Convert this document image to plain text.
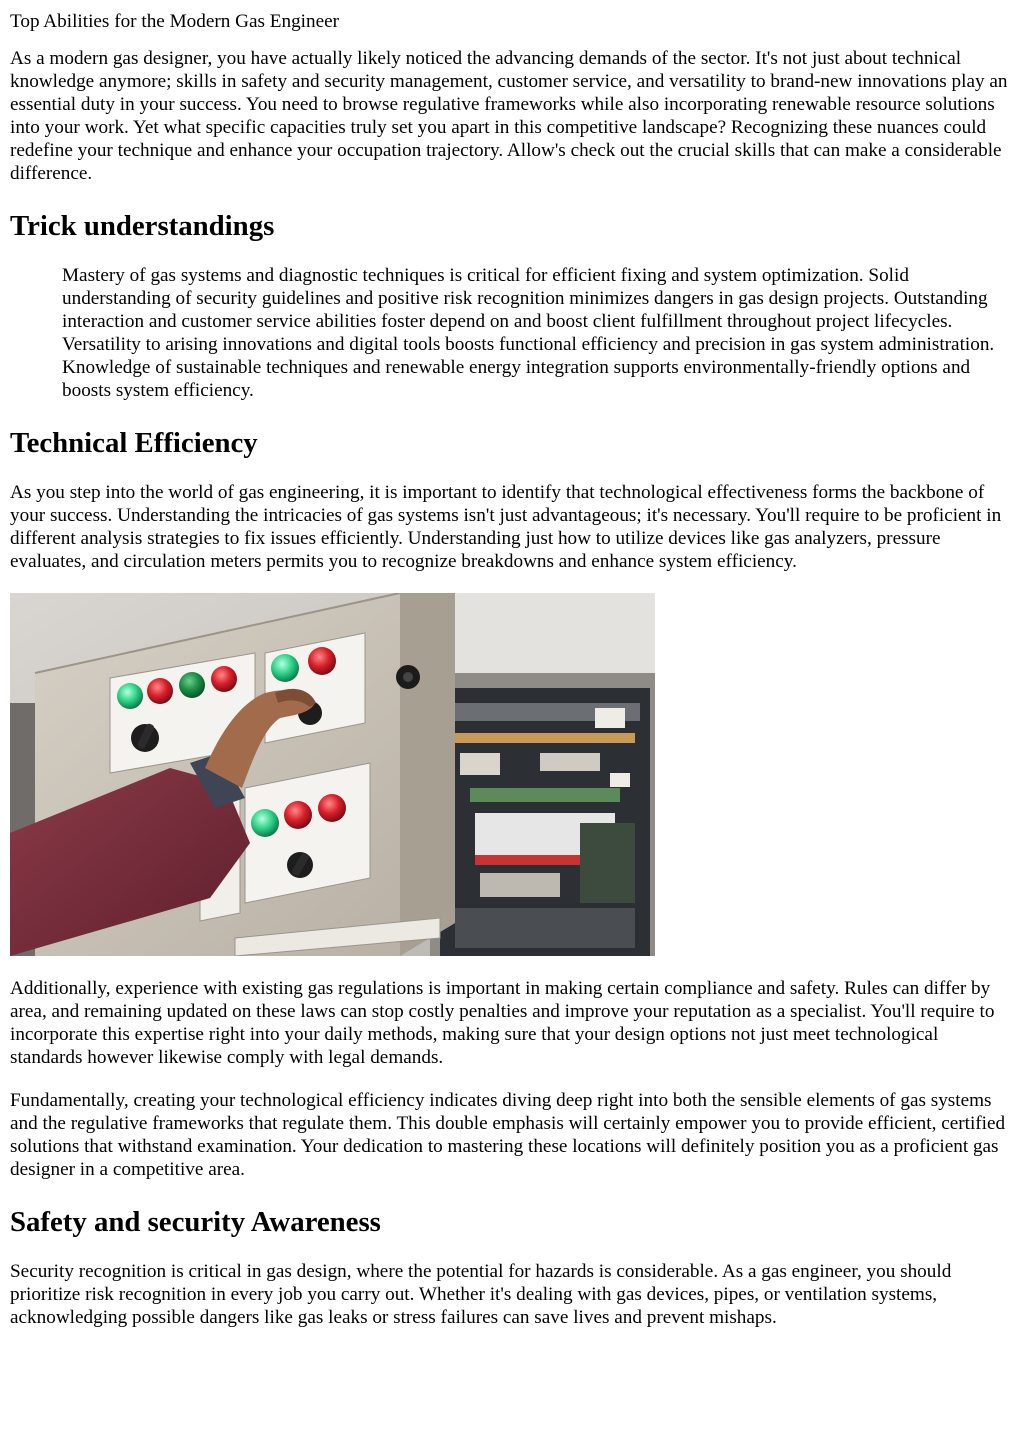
Top Abilities for the Modern Gas Engineer

As a modern gas designer, you have actually likely noticed the advancing demands of the sector. It's not just about technical knowledge anymore; skills in safety and security management, customer service, and versatility to brand-new innovations play an essential duty in your success. You need to browse regulative frameworks while also incorporating renewable resource solutions into your work. Yet what specific capacities truly set you apart in this competitive landscape? Recognizing these nuances could redefine your technique and enhance your occupation trajectory. Allow's check out the crucial skills that can make a considerable difference.

Trick understandings
Mastery of gas systems and diagnostic techniques is critical for efficient fixing and system optimization. Solid understanding of security guidelines and positive risk recognition minimizes dangers in gas design projects. Outstanding interaction and customer service abilities foster depend on and boost client fulfillment throughout project lifecycles. Versatility to arising innovations and digital tools boosts functional efficiency and precision in gas system administration. Knowledge of sustainable techniques and renewable energy integration supports environmentally-friendly options and boosts system efficiency.
Technical Efficiency

As you step into the world of gas engineering, it is important to identify that technological effectiveness forms the backbone of your success. Understanding the intricacies of gas systems isn't just advantageous; it's necessary. You'll require to be proficient in different analysis strategies to fix issues efficiently. Understanding just how to utilize devices like gas analyzers, pressure evaluates, and circulation meters permits you to recognize breakdowns and enhance system efficiency.

Additionally, experience with existing gas regulations is important in making certain compliance and safety. Rules can differ by area, and remaining updated on these laws can stop costly penalties and improve your reputation as a specialist. You'll require to incorporate this expertise right into your daily methods, making sure that your design options not just meet technological standards however likewise comply with legal demands.

Fundamentally, creating your technological efficiency indicates diving deep right into both the sensible elements of gas systems and the regulative frameworks that regulate them. This double emphasis will certainly empower you to provide efficient, certified solutions that withstand examination. Your dedication to mastering these locations will definitely position you as a proficient gas designer in a competitive area.

Safety and security Awareness

Security recognition is critical in gas design, where the potential for hazards is considerable. As a gas engineer, you should prioritize risk recognition in every job you carry out. Whether it's dealing with gas devices, pipes, or ventilation systems, acknowledging possible dangers like gas leaks or stress failures can save lives and prevent mishaps.
